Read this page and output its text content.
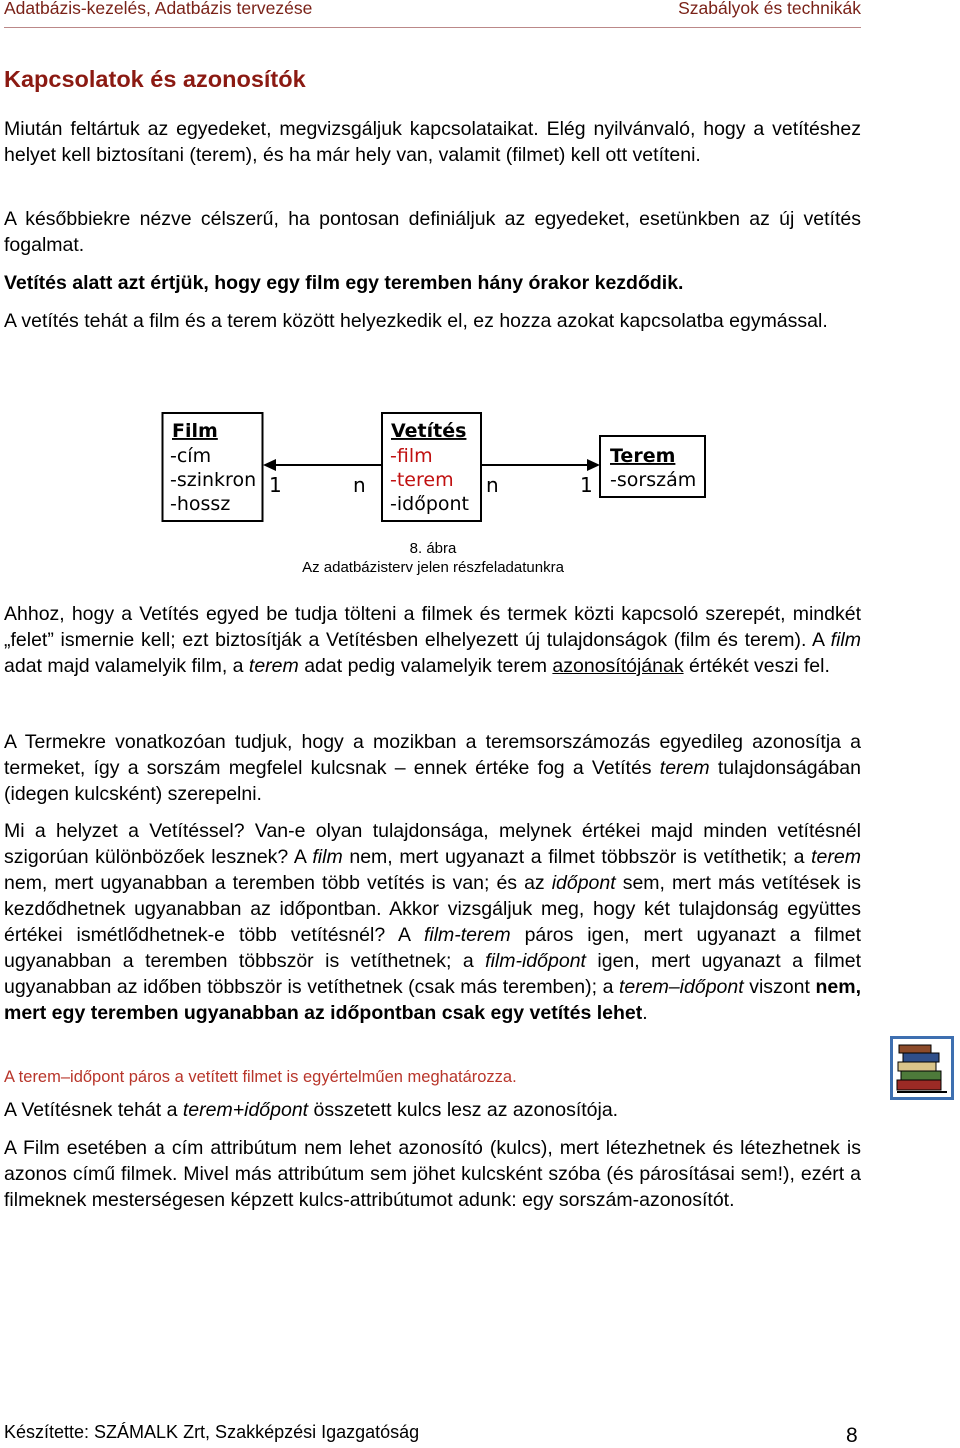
Adatbázis-kezelés, Adatbázis tervezése	Szabályok és technikák
Kapcsolatok és azonosítók
Miután feltártuk az egyedeket, megvizsgáljuk kapcsolataikat. Elég nyilvánvaló, hogy a vetítéshez helyet kell biztosítani (terem), és ha már hely van, valamit (filmet) kell ott vetíteni.
A későbbiekre nézve célszerű, ha pontosan definiáljuk az egyedeket, esetünkben az új vetítés fogalmat.
Vetítés alatt azt értjük, hogy egy film egy teremben hány órakor kezdődik.
A vetítés tehát a film és a terem között helyezkedik el, ez hozza azokat kapcsolatba egymással.
Film
-cím
-szinkron
-hossz
Vetítés
-film
-terem
-időpont
Terem
-sorszám
1	n	n	1
8. ábra
Az adatbázisterv jelen részfeladatunkra
Ahhoz, hogy a Vetítés egyed be tudja tölteni a filmek és termek közti kapcsoló szerepét, mindkét „felet” ismernie kell; ezt biztosítják a Vetítésben elhelyezett új tulajdonságok (film és terem). A film adat majd valamelyik film, a terem adat pedig valamelyik terem azonosítójának értékét veszi fel.
A Termekre vonatkozóan tudjuk, hogy a mozikban a teremsorszámozás egyedileg azonosítja a termeket, így a sorszám megfelel kulcsnak – ennek értéke fog a Vetítés terem tulajdonságában (idegen kulcsként) szerepelni.
Mi a helyzet a Vetítéssel? Van-e olyan tulajdonsága, melynek értékei majd minden vetítésnél szigorúan különbözőek lesznek? A film nem, mert ugyanazt a filmet többször is vetíthetik; a terem nem, mert ugyanabban a teremben több vetítés is van; és az időpont sem, mert más vetítések is kezdődhetnek ugyanabban az időpontban. Akkor vizsgáljuk meg, hogy két tulajdonság együttes értékei ismétlődhetnek-e több vetítésnél? A film-terem páros igen, mert ugyanazt a filmet ugyanabban a teremben többször is vetíthetnek; a film-időpont igen, mert ugyanazt a filmet ugyanabban az időben többször is vetíthetnek (csak más teremben); a terem–időpont viszont nem, mert egy teremben ugyanabban az időpontban csak egy vetítés lehet.
A terem–időpont páros a vetített filmet is egyértelműen meghatározza.
A Vetítésnek tehát a terem+időpont összetett kulcs lesz az azonosítója.
A Film esetében a cím attribútum nem lehet azonosító (kulcs), mert létezhetnek és létezhetnek is azonos című filmek. Mivel más attribútum sem jöhet kulcsként szóba (és párosításai sem!), ezért a filmeknek mesterségesen képzett kulcs-attribútumot adunk: egy sorszám-azonosítót.
Készítette: SZÁMALK Zrt, Szakképzési Igazgatóság	8
